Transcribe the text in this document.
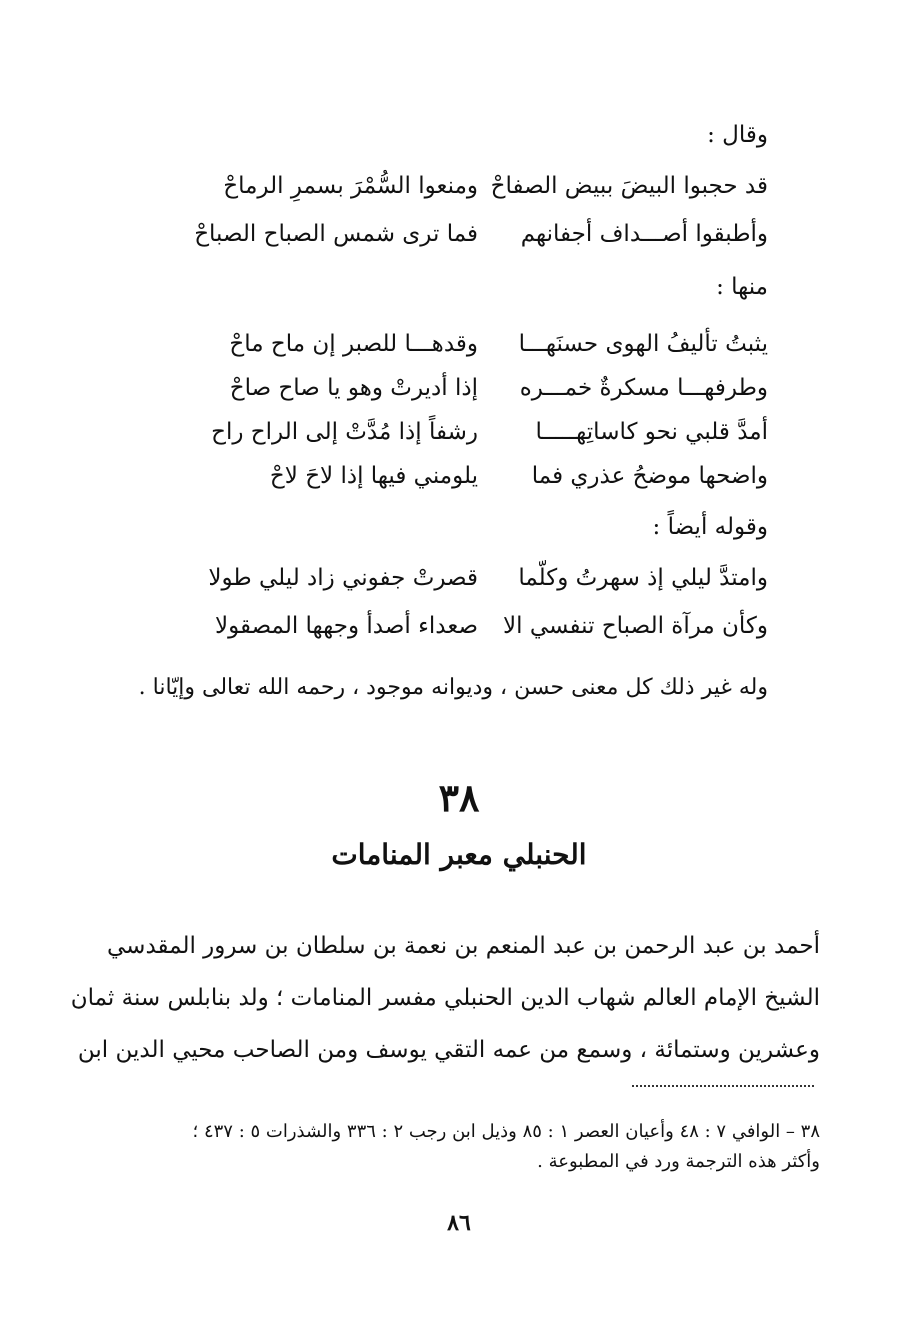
وقال :
قد حجبوا البيضَ ببيض الصفاحْ
ومنعوا السُّمْرَ بسمرِ الرماحْ
وأطبقوا أصـــداف أجفانهم
فما ترى شمس الصباح الصباحْ
منها :
يثبتُ تأليفُ الهوى حسنَهـــا
وقدهـــا للصبر إن ماح ماحْ
وطرفهـــا مسكرةٌ خمـــره
إذا أديرتْ وهو يا صاح صاحْ
أمدَّ قلبي نحو كاساتِهـــــا
رشفاً إذا مُدَّتْ إلى الراح راح
واضحها موضحُ عذري فما
يلومني فيها إذا لاحَ لاحْ
وقوله أيضاً :
وامتدَّ ليلي إذ سهرتُ وكلّما
قصرتْ جفوني زاد ليلي طولا
وكأن مرآة الصباح تنفسي الا
صعداء أصدأ وجهها المصقولا
وله غير ذلك كل معنى حسن ، وديوانه موجود ، رحمه الله تعالى وإيّانا .
٣٨
الحنبلي معبر المنامات
أحمد بن عبد الرحمن بن عبد المنعم بن نعمة بن سلطان بن سرور المقدسي
الشيخ الإمام العالم شهاب الدين الحنبلي مفسر المنامات ؛ ولد بنابلس سنة ثمان
وعشرين وستمائة ، وسمع من عمه التقي يوسف ومن الصاحب محيي الدين ابن
٣٨ – الوافي ٧ : ٤٨ وأعيان العصر ١ : ٨٥ وذيل ابن رجب ٢ : ٣٣٦ والشذرات ٥ : ٤٣٧ ؛
وأكثر هذه الترجمة ورد في المطبوعة .
٨٦
